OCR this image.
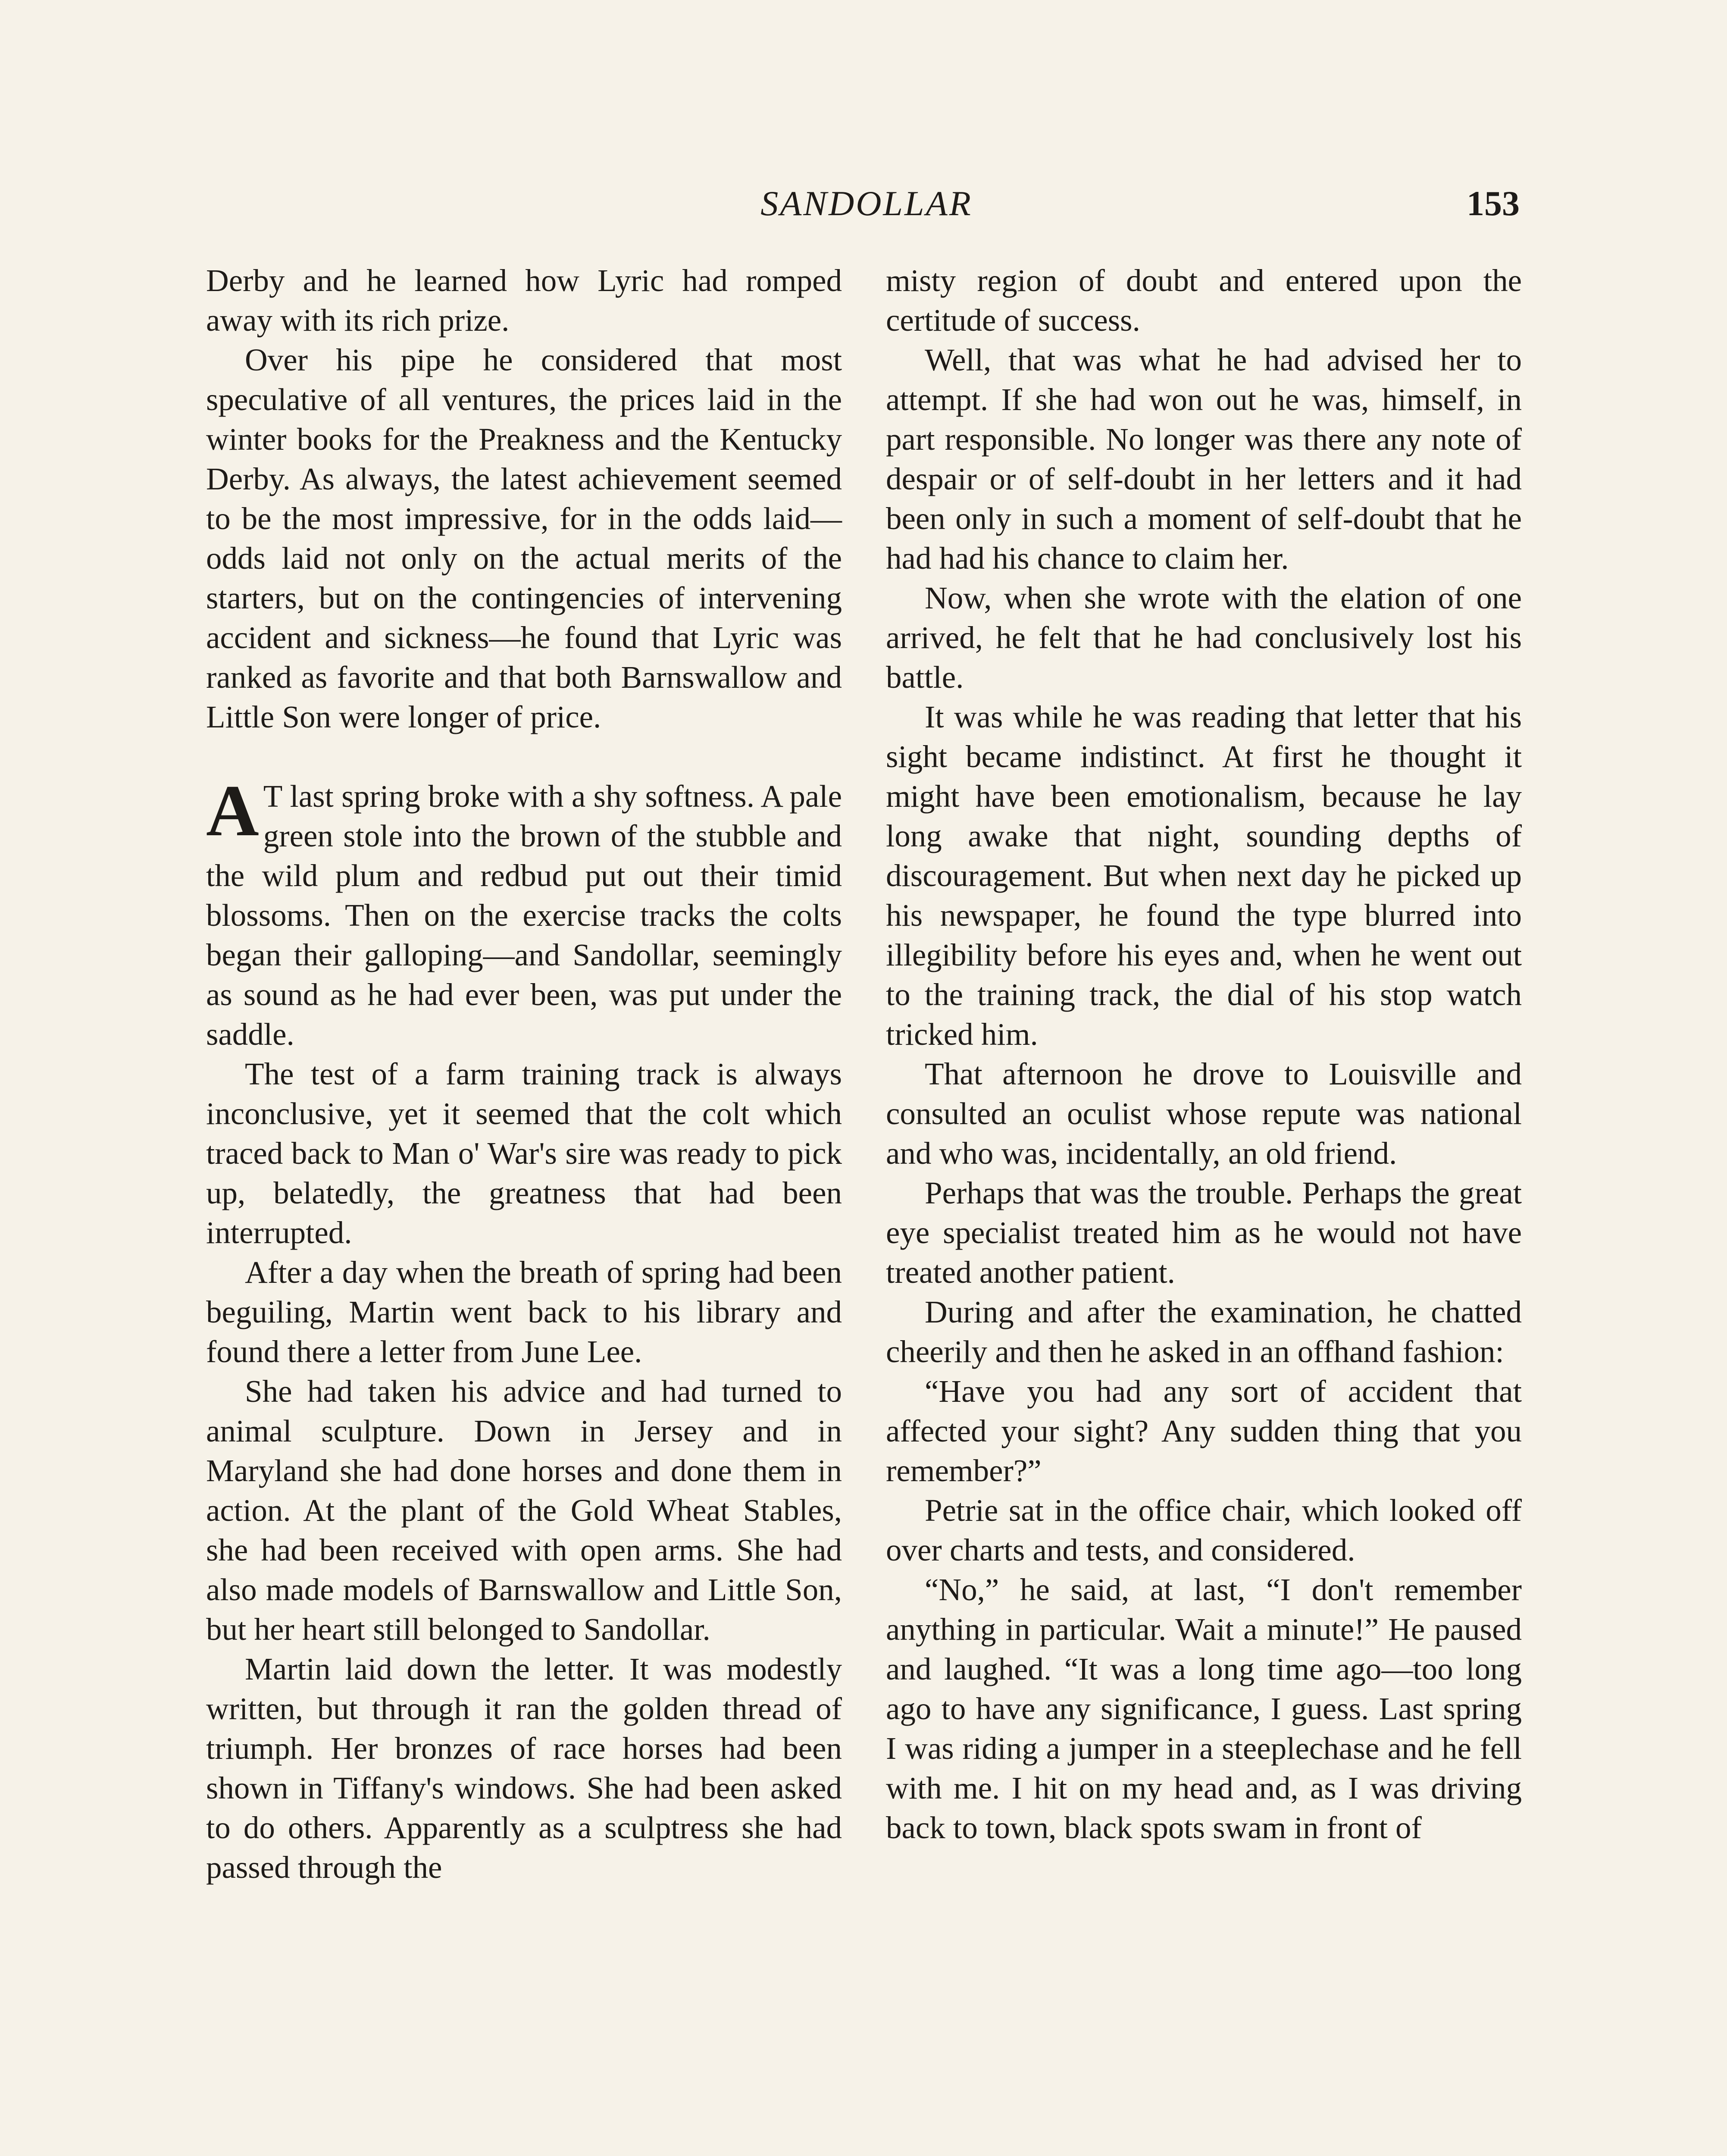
SANDOLLAR	153

Derby and he learned how Lyric had romped away with its rich prize.

Over his pipe he considered that most speculative of all ventures, the prices laid in the winter books for the Preakness and the Kentucky Derby. As always, the latest achievement seemed to be the most impressive, for in the odds laid—odds laid not only on the actual merits of the starters, but on the contingencies of intervening accident and sickness—he found that Lyric was ranked as favorite and that both Barnswallow and Little Son were longer of price.

A T last spring broke with a shy softness. A pale green stole into the brown of the stubble and the wild plum and redbud put out their timid blossoms. Then on the exercise tracks the colts began their galloping—and Sandollar, seemingly as sound as he had ever been, was put under the saddle.

The test of a farm training track is always inconclusive, yet it seemed that the colt which traced back to Man o' War's sire was ready to pick up, belatedly, the greatness that had been interrupted.

After a day when the breath of spring had been beguiling, Martin went back to his library and found there a letter from June Lee.

She had taken his advice and had turned to animal sculpture. Down in Jersey and in Maryland she had done horses and done them in action. At the plant of the Gold Wheat Stables, she had been received with open arms. She had also made models of Barnswallow and Little Son, but her heart still belonged to Sandollar.

Martin laid down the letter. It was modestly written, but through it ran the golden thread of triumph. Her bronzes of race horses had been shown in Tiffany's windows. She had been asked to do others. Apparently as a sculptress she had passed through the

misty region of doubt and entered upon the certitude of success.

Well, that was what he had advised her to attempt. If she had won out he was, himself, in part responsible. No longer was there any note of despair or of self-doubt in her letters and it had been only in such a moment of self-doubt that he had had his chance to claim her.

Now, when she wrote with the elation of one arrived, he felt that he had conclusively lost his battle.

It was while he was reading that letter that his sight became indistinct. At first he thought it might have been emotionalism, because he lay long awake that night, sounding depths of discouragement. But when next day he picked up his newspaper, he found the type blurred into illegibility before his eyes and, when he went out to the training track, the dial of his stop watch tricked him.

That afternoon he drove to Louisville and consulted an oculist whose repute was national and who was, incidentally, an old friend.

Perhaps that was the trouble. Perhaps the great eye specialist treated him as he would not have treated another patient.

During and after the examination, he chatted cheerily and then he asked in an offhand fashion:

“Have you had any sort of accident that affected your sight? Any sudden thing that you remember?”

Petrie sat in the office chair, which looked off over charts and tests, and considered.

“No,” he said, at last, “I don't remember anything in particular. Wait a minute!” He paused and laughed. “It was a long time ago—too long ago to have any significance, I guess. Last spring I was riding a jumper in a steeplechase and he fell with me. I hit on my head and, as I was driving back to town, black spots swam in front of
